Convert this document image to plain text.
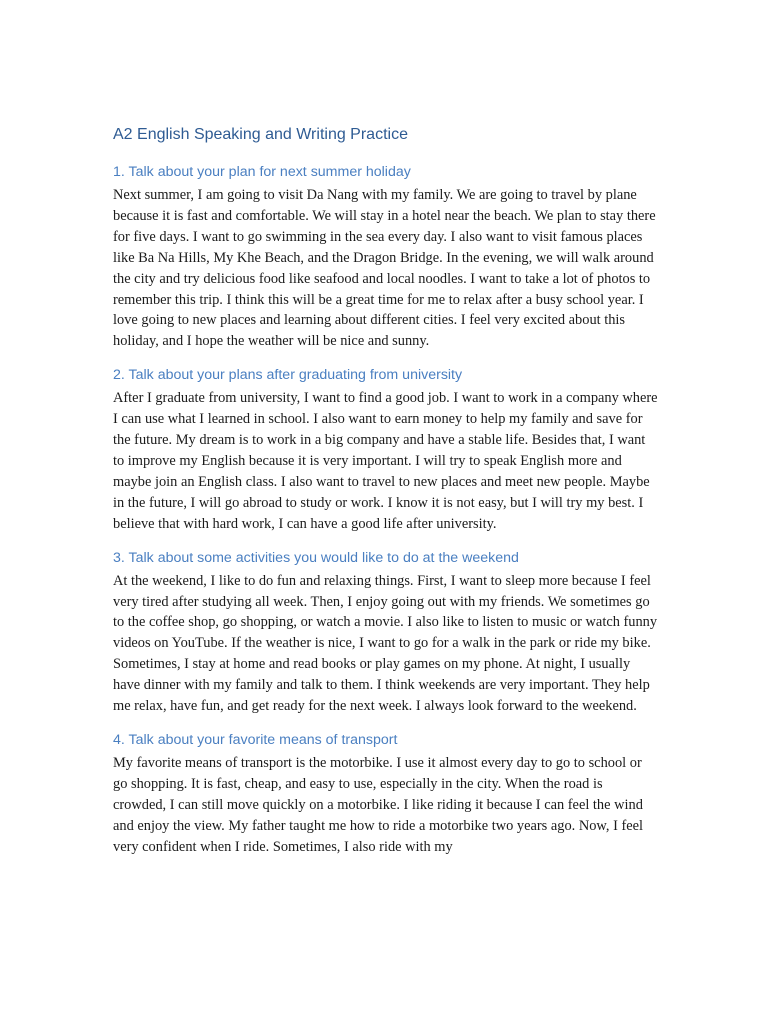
A2 English Speaking and Writing Practice
1. Talk about your plan for next summer holiday

Next summer, I am going to visit Da Nang with my family. We are going to travel by plane because it is fast and comfortable. We will stay in a hotel near the beach. We plan to stay there for five days. I want to go swimming in the sea every day. I also want to visit famous places like Ba Na Hills, My Khe Beach, and the Dragon Bridge. In the evening, we will walk around the city and try delicious food like seafood and local noodles. I want to take a lot of photos to remember this trip. I think this will be a great time for me to relax after a busy school year. I love going to new places and learning about different cities. I feel very excited about this holiday, and I hope the weather will be nice and sunny.

2. Talk about your plans after graduating from university

After I graduate from university, I want to find a good job. I want to work in a company where I can use what I learned in school. I also want to earn money to help my family and save for the future. My dream is to work in a big company and have a stable life. Besides that, I want to improve my English because it is very important. I will try to speak English more and maybe join an English class. I also want to travel to new places and meet new people. Maybe in the future, I will go abroad to study or work. I know it is not easy, but I will try my best. I believe that with hard work, I can have a good life after university.

3. Talk about some activities you would like to do at the weekend

At the weekend, I like to do fun and relaxing things. First, I want to sleep more because I feel very tired after studying all week. Then, I enjoy going out with my friends. We sometimes go to the coffee shop, go shopping, or watch a movie. I also like to listen to music or watch funny videos on YouTube. If the weather is nice, I want to go for a walk in the park or ride my bike. Sometimes, I stay at home and read books or play games on my phone. At night, I usually have dinner with my family and talk to them. I think weekends are very important. They help me relax, have fun, and get ready for the next week. I always look forward to the weekend.

4. Talk about your favorite means of transport

My favorite means of transport is the motorbike. I use it almost every day to go to school or go shopping. It is fast, cheap, and easy to use, especially in the city. When the road is crowded, I can still move quickly on a motorbike. I like riding it because I can feel the wind and enjoy the view. My father taught me how to ride a motorbike two years ago. Now, I feel very confident when I ride. Sometimes, I also ride with my
